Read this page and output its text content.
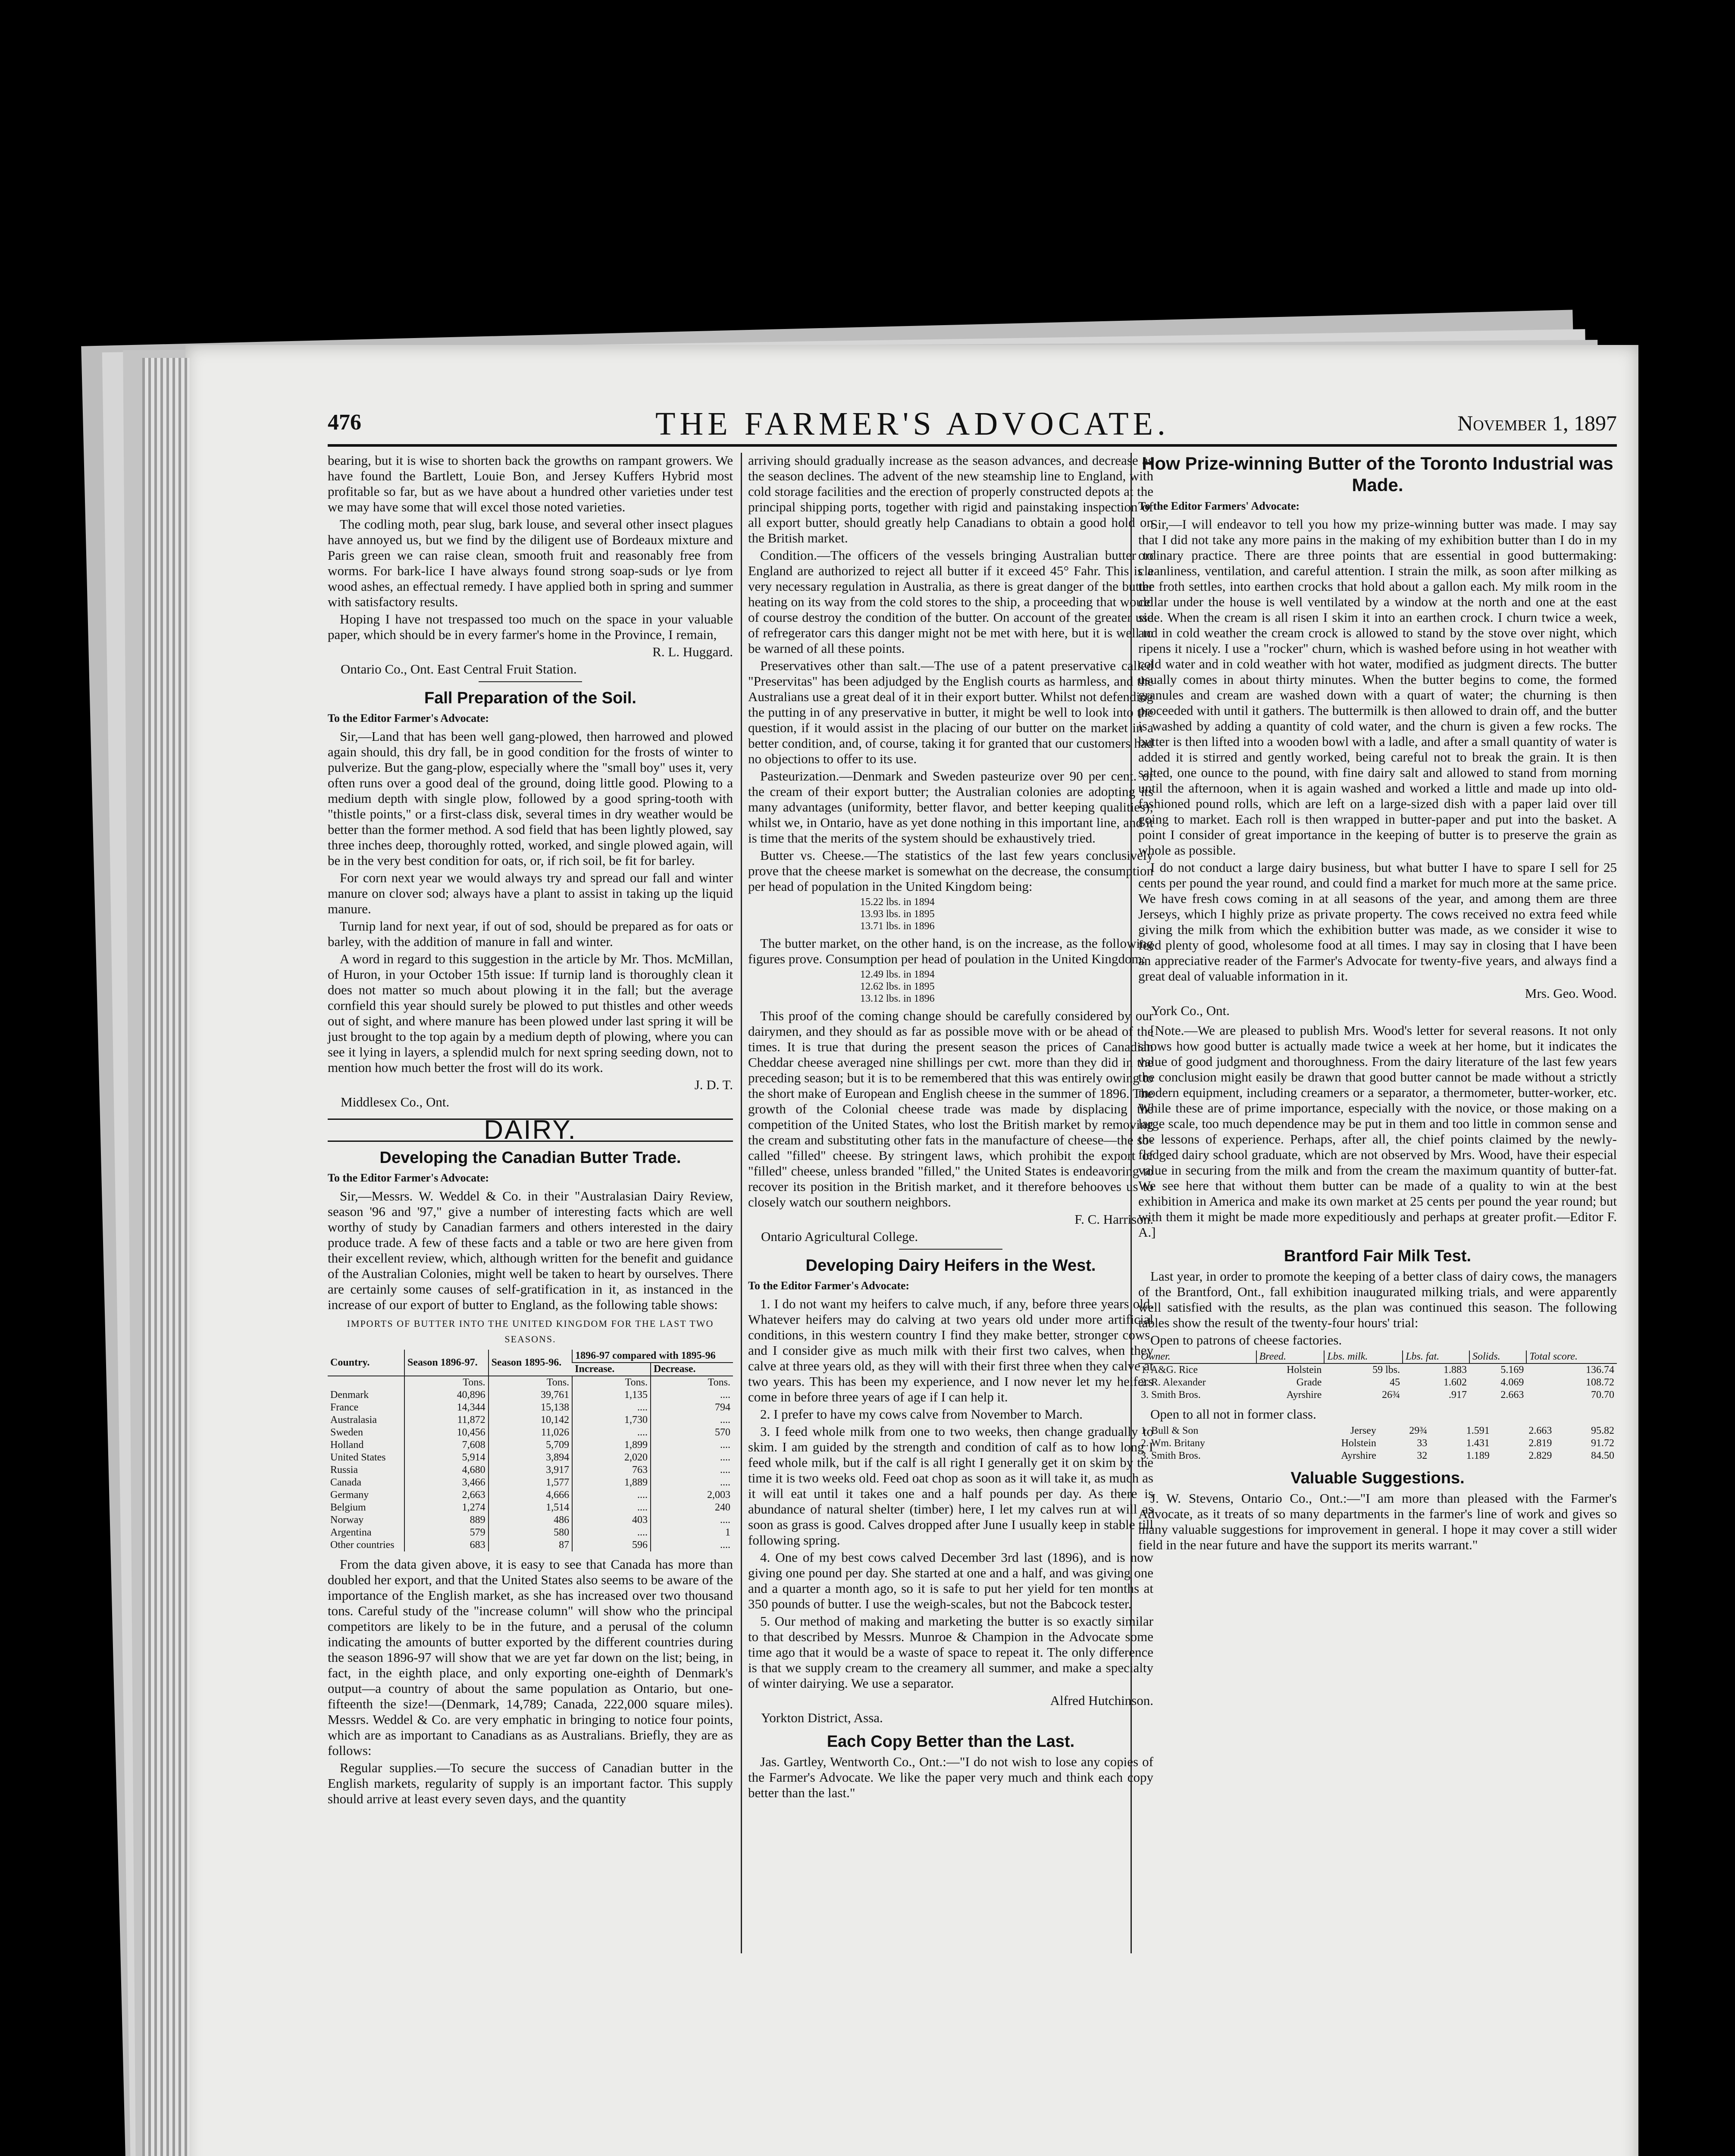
476	THE FARMER'S ADVOCATE.	November 1, 1897

bearing, but it is wise to shorten back the growths on rampant growers. We have found the Bartlett, Louie Bon, and Jersey Kuffers Hybrid most profitable so far, but as we have about a hundred other varieties under test we may have some that will excel those noted varieties.

The codling moth, pear slug, bark louse, and several other insect plagues have annoyed us, but we find by the diligent use of Bordeaux mixture and Paris green we can raise clean, smooth fruit and reasonably free from worms. For bark-lice I have always found strong soap-suds or lye from wood ashes, an effectual remedy. I have applied both in spring and summer with satisfactory results.

Hoping I have not trespassed too much on the space in your valuable paper, which should be in every farmer's home in the Province, I remain,

R. L. Huggard.

Ontario Co., Ont. East Central Fruit Station.

Fall Preparation of the Soil.

To the Editor Farmer's Advocate:

Sir,—Land that has been well gang-plowed, then harrowed and plowed again should, this dry fall, be in good condition for the frosts of winter to pulverize. But the gang-plow, especially where the "small boy" uses it, very often runs over a good deal of the ground, doing little good. Plowing to a medium depth with single plow, followed by a good spring-tooth with "thistle points," or a first-class disk, several times in dry weather would be better than the former method. A sod field that has been lightly plowed, say three inches deep, thoroughly rotted, worked, and single plowed again, will be in the very best condition for oats, or, if rich soil, be fit for barley.

For corn next year we would always try and spread our fall and winter manure on clover sod; always have a plant to assist in taking up the liquid manure.

Turnip land for next year, if out of sod, should be prepared as for oats or barley, with the addition of manure in fall and winter.

A word in regard to this suggestion in the article by Mr. Thos. McMillan, of Huron, in your October 15th issue: If turnip land is thoroughly clean it does not matter so much about plowing it in the fall; but the average cornfield this year should surely be plowed to put thistles and other weeds out of sight, and where manure has been plowed under last spring it will be just brought to the top again by a medium depth of plowing, where you can see it lying in layers, a splendid mulch for next spring seeding down, not to mention how much better the frost will do its work.

J. D. T.

Middlesex Co., Ont.

DAIRY.

Developing the Canadian Butter Trade.

To the Editor Farmer's Advocate:

Sir,—Messrs. W. Weddel & Co. in their "Australasian Dairy Review, season '96 and '97," give a number of interesting facts which are well worthy of study by Canadian farmers and others interested in the dairy produce trade. A few of these facts and a table or two are here given from their excellent review, which, although written for the benefit and guidance of the Australian Colonies, might well be taken to heart by ourselves. There are certainly some causes of self-gratification in it, as instanced in the increase of our export of butter to England, as the following table shows:

IMPORTS OF BUTTER INTO THE UNITED KINGDOM FOR THE LAST TWO SEASONS.

Country.	Season 1896-97.	Season 1895-96.	1896-97 compared with 1895-96	
			Increase.	Decrease.
	Tons.	Tons.	Tons.	Tons.
Denmark	40,896	39,761	1,135	....
France	14,344	15,138	....	794
Australasia	11,872	10,142	1,730	....
Sweden	10,456	11,026	....	570
Holland	7,608	5,709	1,899	....
United States	5,914	3,894	2,020	....
Russia	4,680	3,917	763	....
Canada	3,466	1,577	1,889	....
Germany	2,663	4,666	....	2,003
Belgium	1,274	1,514	....	240
Norway	889	486	403	....
Argentina	579	580	....	1
Other countries	683	87	596	....

From the data given above, it is easy to see that Canada has more than doubled her export, and that the United States also seems to be aware of the importance of the English market, as she has increased over two thousand tons. Careful study of the "increase column" will show who the principal competitors are likely to be in the future, and a perusal of the column indicating the amounts of butter exported by the different countries during the season 1896-97 will show that we are yet far down on the list; being, in fact, in the eighth place, and only exporting one-eighth of Denmark's output—a country of about the same population as Ontario, but one-fifteenth the size!—(Denmark, 14,789; Canada, 222,000 square miles). Messrs. Weddel & Co. are very emphatic in bringing to notice four points, which are as important to Canadians as as Australians. Briefly, they are as follows:

Regular supplies.—To secure the success of Canadian butter in the English markets, regularity of supply is an important factor. This supply should arrive at least every seven days, and the quantity

arriving should gradually increase as the season advances, and decrease as the season declines. The advent of the new steamship line to England, with cold storage facilities and the erection of properly constructed depots at the principal shipping ports, together with rigid and painstaking inspection of all export butter, should greatly help Canadians to obtain a good hold on the British market.

Condition.—The officers of the vessels bringing Australian butter to England are authorized to reject all butter if it exceed 45° Fahr. This is a very necessary regulation in Australia, as there is great danger of the butter heating on its way from the cold stores to the ship, a proceeding that would of course destroy the condition of the butter. On account of the greater use of refregerator cars this danger might not be met with here, but it is well to be warned of all these points.

Preservatives other than salt.—The use of a patent preservative called "Preservitas" has been adjudged by the English courts as harmless, and the Australians use a great deal of it in their export butter. Whilst not defending the putting in of any preservative in butter, it might be well to look into the question, if it would assist in the placing of our butter on the market in a better condition, and, of course, taking it for granted that our customers had no objections to offer to its use.

Pasteurization.—Denmark and Sweden pasteurize over 90 per cent. of the cream of their export butter; the Australian colonies are adopting its many advantages (uniformity, better flavor, and better keeping qualities); whilst we, in Ontario, have as yet done nothing in this important line, and it is time that the merits of the system should be exhaustively tried.

Butter vs. Cheese.—The statistics of the last few years conclusively prove that the cheese market is somewhat on the decrease, the consumption per head of population in the United Kingdom being:

15.22 lbs. in 1894
13.93 lbs. in 1895
13.71 lbs. in 1896

The butter market, on the other hand, is on the increase, as the following figures prove. Consumption per head of poulation in the United Kingdom:

12.49 lbs. in 1894
12.62 lbs. in 1895
13.12 lbs. in 1896

This proof of the coming change should be carefully considered by our dairymen, and they should as far as possible move with or be ahead of the times. It is true that during the present season the prices of Canadian Cheddar cheese averaged nine shillings per cwt. more than they did in the preceding season; but it is to be remembered that this was entirely owing to the short make of European and English cheese in the summer of 1896. The growth of the Colonial cheese trade was made by displacing the competition of the United States, who lost the British market by removing the cream and substituting other fats in the manufacture of cheese—the so-called "filled" cheese. By stringent laws, which prohibit the export of "filled" cheese, unless branded "filled," the United States is endeavoring to recover its position in the British market, and it therefore behooves us to closely watch our southern neighbors.

F. C. Harrison.

Ontario Agricultural College.

Developing Dairy Heifers in the West.

To the Editor Farmer's Advocate:

1. I do not want my heifers to calve much, if any, before three years old. Whatever heifers may do calving at two years old under more artificial conditions, in this western country I find they make better, stronger cows, and I consider give as much milk with their first two calves, when they calve at three years old, as they will with their first three when they calve at two years. This has been my experience, and I now never let my heifers come in before three years of age if I can help it.

2. I prefer to have my cows calve from November to March.

3. I feed whole milk from one to two weeks, then change gradually to skim. I am guided by the strength and condition of calf as to how long I feed whole milk, but if the calf is all right I generally get it on skim by the time it is two weeks old. Feed oat chop as soon as it will take it, as much as it will eat until it takes one and a half pounds per day. As there is abundance of natural shelter (timber) here, I let my calves run at will as soon as grass is good. Calves dropped after June I usually keep in stable till following spring.

4. One of my best cows calved December 3rd last (1896), and is now giving one pound per day. She started at one and a half, and was giving one and a quarter a month ago, so it is safe to put her yield for ten months at 350 pounds of butter. I use the weigh-scales, but not the Babcock tester.

5. Our method of making and marketing the butter is so exactly similar to that described by Messrs. Munroe & Champion in the Advocate some time ago that it would be a waste of space to repeat it. The only difference is that we supply cream to the creamery all summer, and make a specialty of winter dairying. We use a separator.

Alfred Hutchinson.

Yorkton District, Assa.

Each Copy Better than the Last.

Jas. Gartley, Wentworth Co., Ont.:—"I do not wish to lose any copies of the Farmer's Advocate. We like the paper very much and think each copy better than the last."

How Prize-winning Butter of the Toronto Industrial was Made.

To the Editor Farmers' Advocate:

Sir,—I will endeavor to tell you how my prize-winning butter was made. I may say that I did not take any more pains in the making of my exhibition butter than I do in my ordinary practice. There are three points that are essential in good buttermaking: cleanliness, ventilation, and careful attention. I strain the milk, as soon after milking as the froth settles, into earthen crocks that hold about a gallon each. My milk room in the cellar under the house is well ventilated by a window at the north and one at the east side. When the cream is all risen I skim it into an earthen crock. I churn twice a week, and in cold weather the cream crock is allowed to stand by the stove over night, which ripens it nicely. I use a "rocker" churn, which is washed before using in hot weather with cold water and in cold weather with hot water, modified as judgment directs. The butter usually comes in about thirty minutes. When the butter begins to come, the formed granules and cream are washed down with a quart of water; the churning is then proceeded with until it gathers. The buttermilk is then allowed to drain off, and the butter is washed by adding a quantity of cold water, and the churn is given a few rocks. The butter is then lifted into a wooden bowl with a ladle, and after a small quantity of water is added it is stirred and gently worked, being careful not to break the grain. It is then salted, one ounce to the pound, with fine dairy salt and allowed to stand from morning until the afternoon, when it is again washed and worked a little and made up into old-fashioned pound rolls, which are left on a large-sized dish with a paper laid over till going to market. Each roll is then wrapped in butter-paper and put into the basket. A point I consider of great importance in the keeping of butter is to preserve the grain as whole as possible.

I do not conduct a large dairy business, but what butter I have to spare I sell for 25 cents per pound the year round, and could find a market for much more at the same price. We have fresh cows coming in at all seasons of the year, and among them are three Jerseys, which I highly prize as private property. The cows received no extra feed while giving the milk from which the exhibition butter was made, as we consider it wise to feed plenty of good, wholesome food at all times. I may say in closing that I have been an appreciative reader of the Farmer's Advocate for twenty-five years, and always find a great deal of valuable information in it.

Mrs. Geo. Wood.

York Co., Ont.

[Note.—We are pleased to publish Mrs. Wood's letter for several reasons. It not only shows how good butter is actually made twice a week at her home, but it indicates the value of good judgment and thoroughness. From the dairy literature of the last few years the conclusion might easily be drawn that good butter cannot be made without a strictly modern equipment, including creamers or a separator, a thermometer, butter-worker, etc. While these are of prime importance, especially with the novice, or those making on a large scale, too much dependence may be put in them and too little in common sense and the lessons of experience. Perhaps, after all, the chief points claimed by the newly-fledged dairy school graduate, which are not observed by Mrs. Wood, have their especial value in securing from the milk and from the cream the maximum quantity of butter-fat. We see here that without them butter can be made of a quality to win at the best exhibition in America and make its own market at 25 cents per pound the year round; but with them it might be made more expeditiously and perhaps at greater profit.—Editor F. A.]

Brantford Fair Milk Test.

Last year, in order to promote the keeping of a better class of dairy cows, the managers of the Brantford, Ont., fall exhibition inaugurated milking trials, and were apparently well satisfied with the results, as the plan was continued this season. The following tables show the result of the twenty-four hours' trial:

Open to patrons of cheese factories.

Owner.	Breed.	Lbs. milk.	Lbs. fat.	Solids.	Total score.
1. A&G. Rice	Holstein	59 lbs.	1.883	5.169	136.74
2. R. Alexander	Grade	45	1.602	4.069	108.72
3. Smith Bros.	Ayrshire	26¾	.917	2.663	70.70

Open to all not in former class.

1. Bull & Son	Jersey	29¾	1.591	2.663	95.82
2. Wm. Britany	Holstein	33	1.431	2.819	91.72
3. Smith Bros.	Ayrshire	32	1.189	2.829	84.50

Valuable Suggestions.

J. W. Stevens, Ontario Co., Ont.:—"I am more than pleased with the Farmer's Advocate, as it treats of so many departments in the farmer's line of work and gives so many valuable suggestions for improvement in general. I hope it may cover a still wider field in the near future and have the support its merits warrant."
